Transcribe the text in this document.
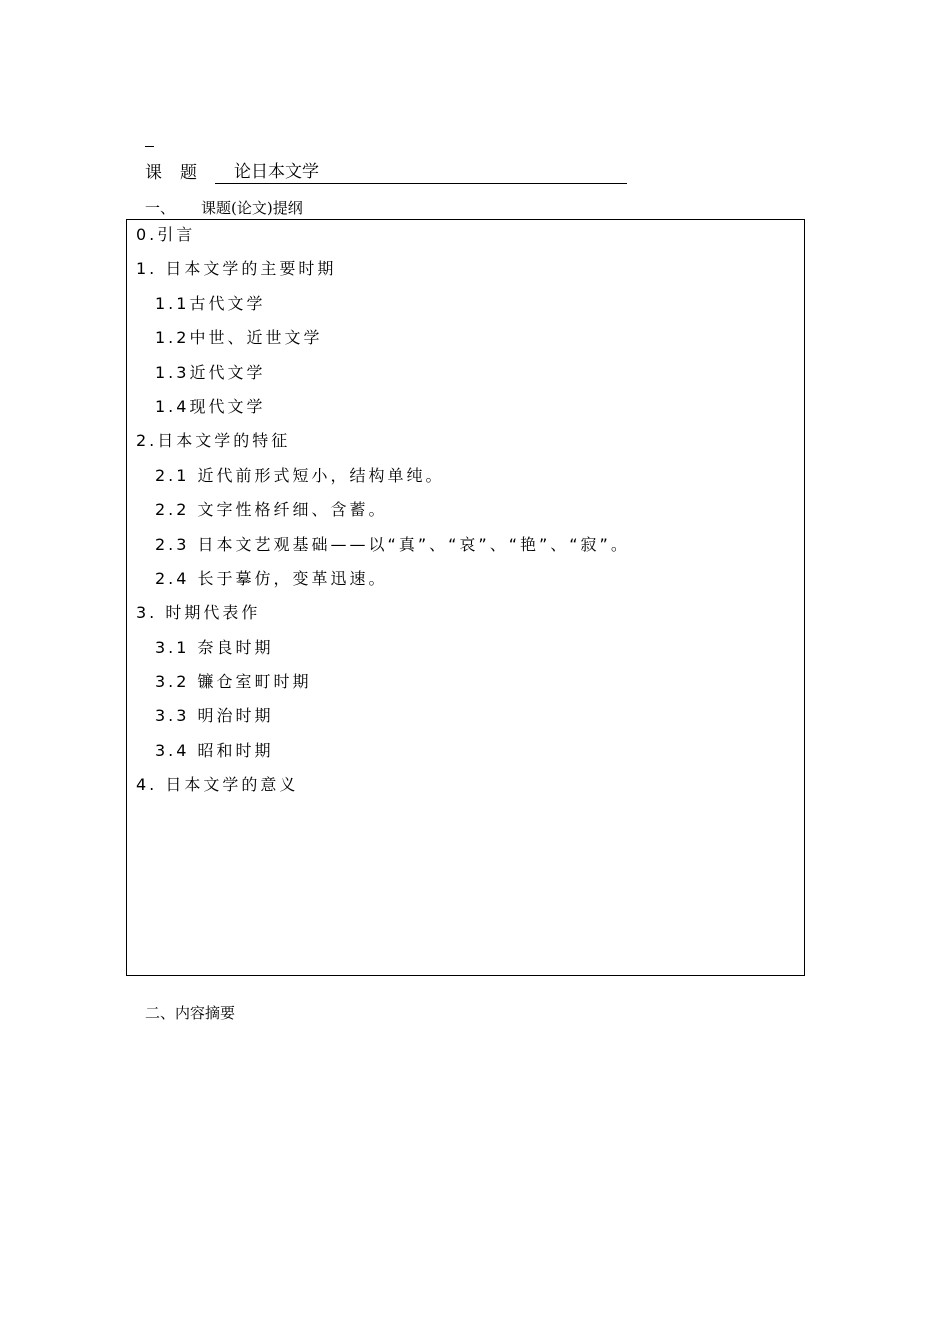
课题	论日本文学
一、 课题(论文)提纲
0.引言
1. 日本文学的主要时期
1.1古代文学
1.2中世、近世文学
1.3近代文学
1.4现代文学
2.日本文学的特征
2.1 近代前形式短小，结构单纯。
2.2 文字性格纤细、含蓄。
2.3 日本文艺观基础——以“真”、“哀”、“艳”、“寂”。
2.4 长于摹仿，变革迅速。
3. 时期代表作
3.1 奈良时期
3.2 镰仓室町时期
3.3 明治时期
3.4 昭和时期
4. 日本文学的意义
二、内容摘要
